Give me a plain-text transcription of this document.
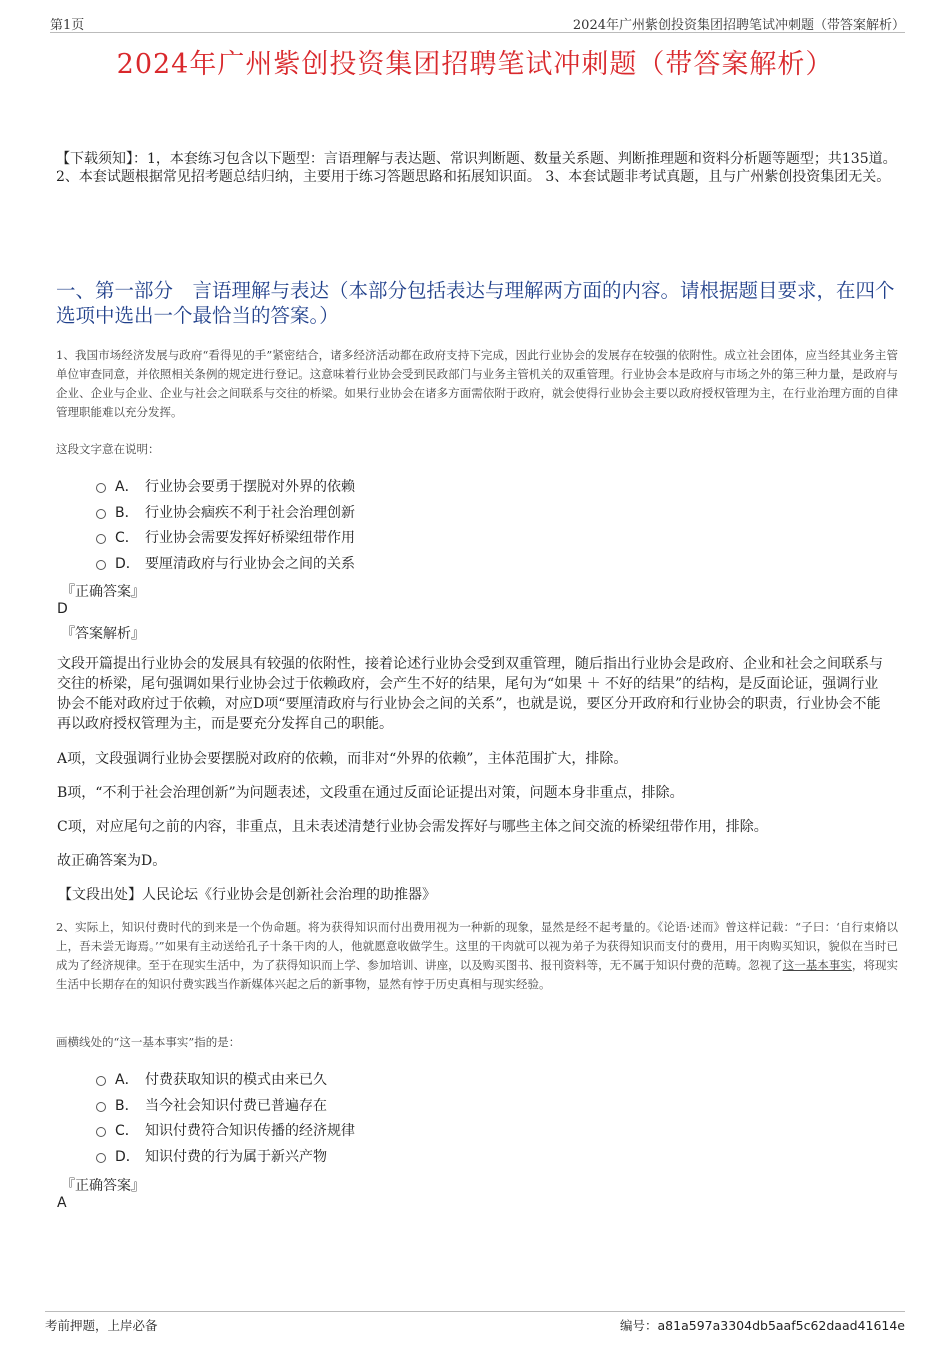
第1页	2024年广州紫创投资集团招聘笔试冲刺题（带答案解析）
2024年广州紫创投资集团招聘笔试冲刺题（带答案解析）
【下载须知】：1，本套练习包含以下题型：言语理解与表达题、常识判断题、数量关系题、判断推理题和资料分析题等题型；共135道。 2、本套试题根据常见招考题总结归纳，主要用于练习答题思路和拓展知识面。 3、本套试题非考试真题，且与广州紫创投资集团无关。
一、第一部分　言语理解与表达（本部分包括表达与理解两方面的内容。请根据题目要求，在四个选项中选出一个最恰当的答案。）
1、我国市场经济发展与政府“看得见的手”紧密结合，诸多经济活动都在政府支持下完成，因此行业协会的发展存在较强的依附性。成立社会团体，应当经其业务主管单位审查同意，并依照相关条例的规定进行登记。这意味着行业协会受到民政部门与业务主管机关的双重管理。行业协会本是政府与市场之外的第三种力量，是政府与企业、企业与企业、企业与社会之间联系与交往的桥梁。如果行业协会在诸多方面需依附于政府，就会使得行业协会主要以政府授权管理为主，在行业治理方面的自律管理职能难以充分发挥。
这段文字意在说明：
A． 行业协会要勇于摆脱对外界的依赖
B． 行业协会痼疾不利于社会治理创新
C． 行业协会需要发挥好桥梁纽带作用
D． 要厘清政府与行业协会之间的关系
『正确答案』
D
『答案解析』
文段开篇提出行业协会的发展具有较强的依附性，接着论述行业协会受到双重管理，随后指出行业协会是政府、企业和社会之间联系与交往的桥梁，尾句强调如果行业协会过于依赖政府，会产生不好的结果，尾句为“如果 ＋ 不好的结果”的结构，是反面论证，强调行业协会不能对政府过于依赖，对应D项“要厘清政府与行业协会之间的关系”，也就是说，要区分开政府和行业协会的职责，行业协会不能再以政府授权管理为主，而是要充分发挥自己的职能。
A项，文段强调行业协会要摆脱对政府的依赖，而非对“外界的依赖”，主体范围扩大，排除。
B项，“不利于社会治理创新”为问题表述，文段重在通过反面论证提出对策，问题本身非重点，排除。
C项，对应尾句之前的内容，非重点，且未表述清楚行业协会需发挥好与哪些主体之间交流的桥梁纽带作用，排除。
故正确答案为D。
【文段出处】人民论坛《行业协会是创新社会治理的助推器》
2、实际上，知识付费时代的到来是一个伪命题。将为获得知识而付出费用视为一种新的现象，显然是经不起考量的。《论语·述而》曾这样记载：“子曰：‘自行束脩以上，吾未尝无诲焉。’”如果有主动送给孔子十条干肉的人，他就愿意收做学生。这里的干肉就可以视为弟子为获得知识而支付的费用，用干肉购买知识，貌似在当时已成为了经济规律。至于在现实生活中，为了获得知识而上学、参加培训、讲座，以及购买图书、报刊资料等，无不属于知识付费的范畴。忽视了这一基本事实，将现实生活中长期存在的知识付费实践当作新媒体兴起之后的新事物，显然有悖于历史真相与现实经验。
画横线处的“这一基本事实”指的是：
A． 付费获取知识的模式由来已久
B． 当今社会知识付费已普遍存在
C． 知识付费符合知识传播的经济规律
D． 知识付费的行为属于新兴产物
『正确答案』
A
考前押题，上岸必备	编号：a81a597a3304db5aaf5c62daad41614e
